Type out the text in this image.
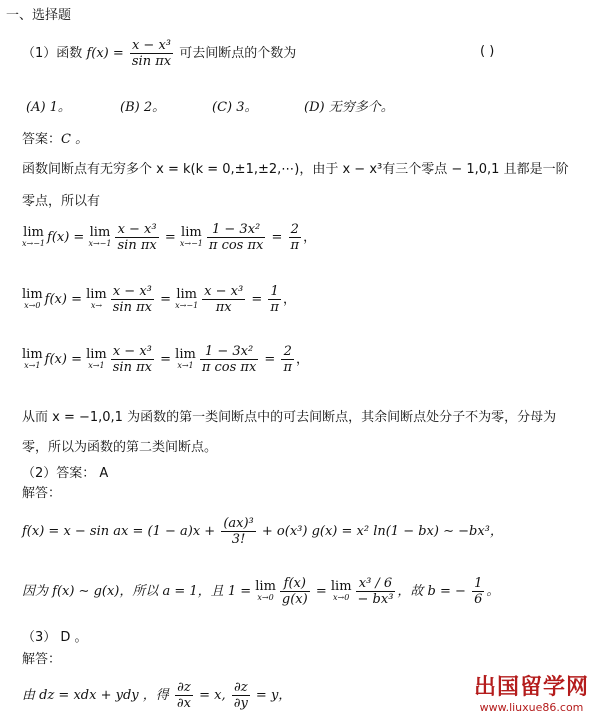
一、选择题
（1）函数 $f(x) = \frac{\text{x − x³}}{\text{sin πx}}$ 可去间断点的个数为	( )
(A) 1。	(B) 2。	(C) 3。	(D) 无穷多个。
答案：C 。
函数间断点有无穷多个 x = k(k = 0,±1,±2,⋯)，由于 x − x³有三个零点 − 1,0,1 且都是一阶
零点，所以有
lim
x→−1 f(x) = lim
$x\to-1 \frac{\text{x − x³}}{\text{sin πx}} = \lim$
$x\to-1 \frac{\text{1 − 3x²}}{\text{π cos πx}} = \frac{2}{\pi}$ ，
lim
x→0 f(x) = lim
$x\to \frac{\text{x − x³}}{\text{sin πx}} = \lim$
$x\to-1 \frac{\text{x − x³}}{\pi x} = \frac{1}{\pi}$ ，
lim
x→1 f(x) = lim
$x\to 1 \frac{\text{x − x³}}{\text{sin πx}} = \lim$
$x\to 1 \frac{\text{1 − 3x²}}{\text{π cos πx}} = \frac{2}{\pi}$ ，
从而 x = −1,0,1 为函数的第一类间断点中的可去间断点，其余间断点处分子不为零，分母为
零，所以为函数的第二类间断点。
（2）答案： A
解答：
f(x) = x − sin ax = $(1 - a)x + \frac{\text{(ax)³}}{3!} + o(x^3) g(x) = x^2$ ln(1 − bx) ∼ −bx³，
因为 f(x) ∼ g(x)，所以 a = 1，且 1 = lim
$x\to 0 \frac{f(x)}{g(x)} = \lim$
$x\to 0 \frac{\text{x³ / 6}}{\text{− bx³}}$ ，故 b = − $\frac{1}{6}$ 。
（3） D 。
解答：
由 dz = xdx + ydy ，得 $\frac{\partial z}{\partial x} = x$, $\frac{\partial z}{\partial y} = y$，	出国留学网
www.liuxue86.com
